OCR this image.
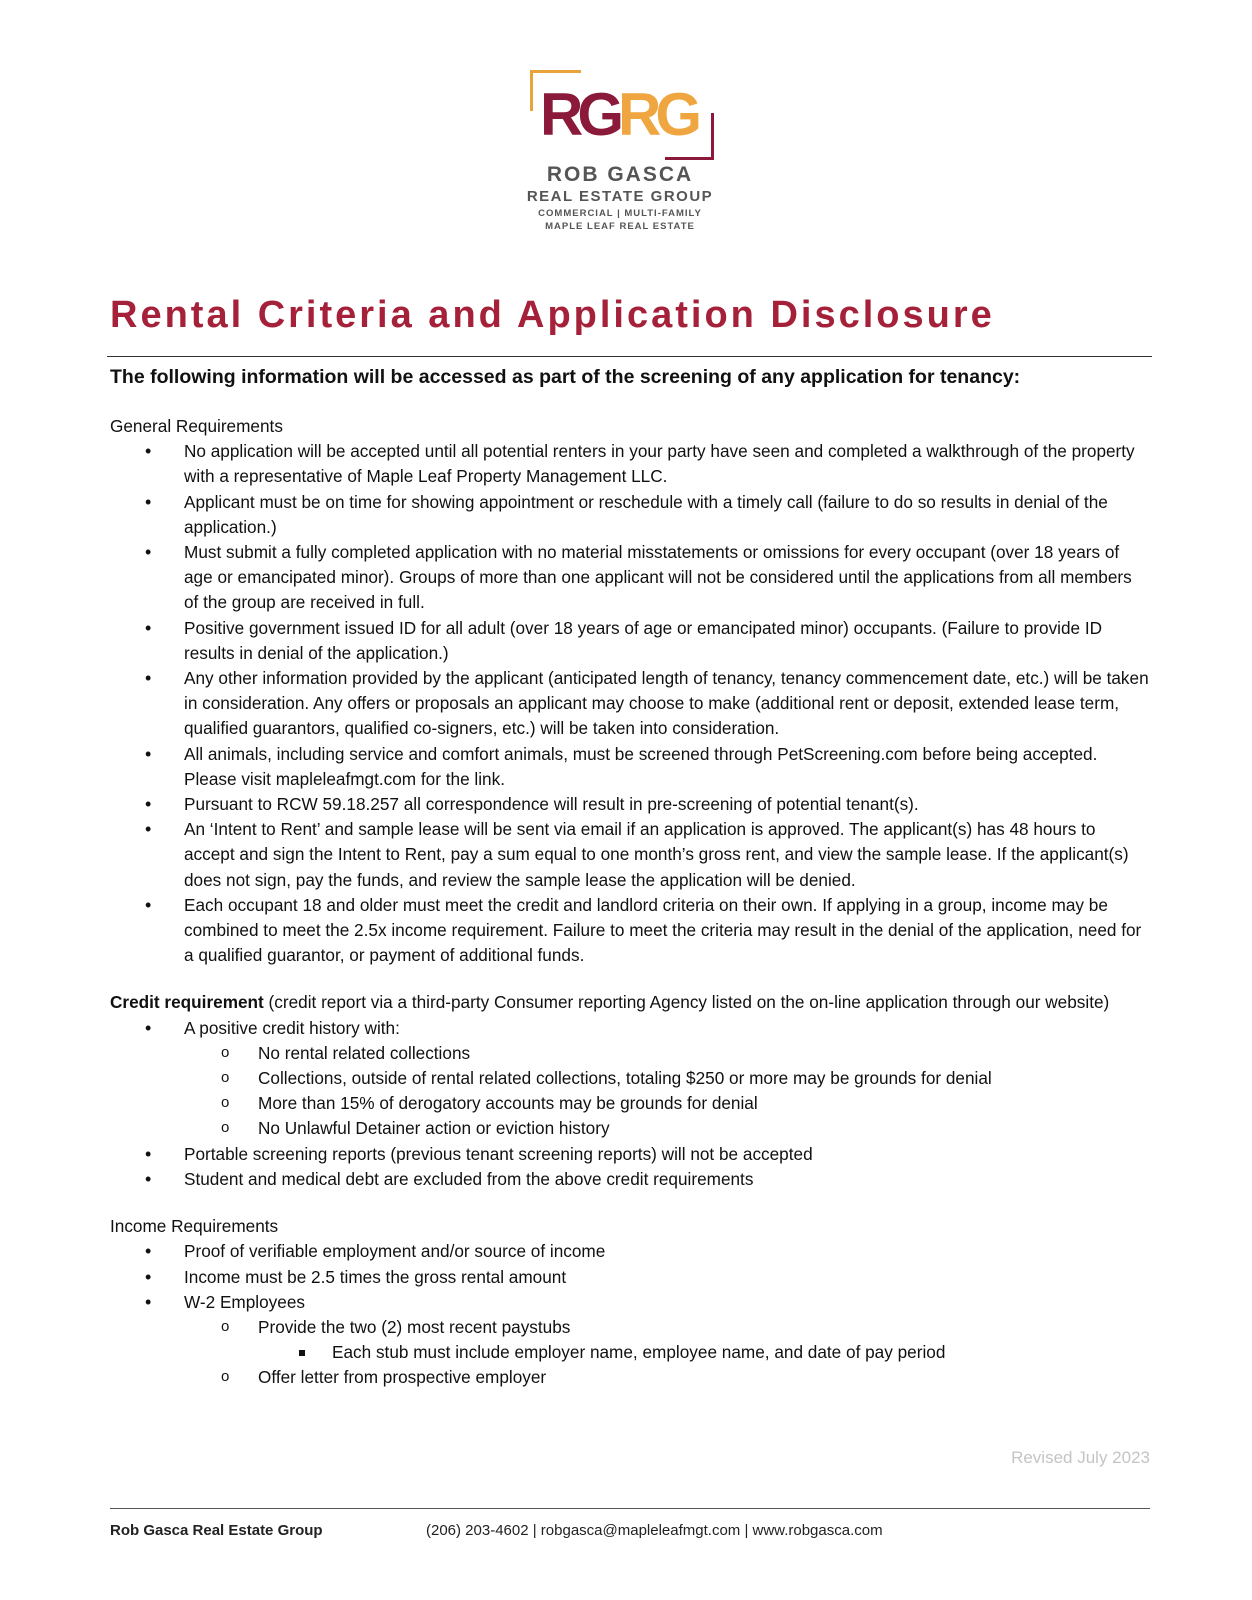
RGRG
ROB GASCA
REAL ESTATE GROUP
COMMERCIAL | MULTI-FAMILY
MAPLE LEAF REAL ESTATE
Rental Criteria and Application Disclosure

The following information will be accessed as part of the screening of any application for tenancy:

General Requirements

• No application will be accepted until all potential renters in your party have seen and completed a walkthrough of the property with a representative of Maple Leaf Property Management LLC.
• Applicant must be on time for showing appointment or reschedule with a timely call (failure to do so results in denial of the application.)
• Must submit a fully completed application with no material misstatements or omissions for every occupant (over 18 years of age or emancipated minor). Groups of more than one applicant will not be considered until the applications from all members of the group are received in full.
• Positive government issued ID for all adult (over 18 years of age or emancipated minor) occupants. (Failure to provide ID results in denial of the application.)
• Any other information provided by the applicant (anticipated length of tenancy, tenancy commencement date, etc.) will be taken in consideration. Any offers or proposals an applicant may choose to make (additional rent or deposit, extended lease term, qualified guarantors, qualified co-signers, etc.) will be taken into consideration.
• All animals, including service and comfort animals, must be screened through PetScreening.com before being accepted. Please visit mapleleafmgt.com for the link.
• Pursuant to RCW 59.18.257 all correspondence will result in pre-screening of potential tenant(s).
• An ‘Intent to Rent’ and sample lease will be sent via email if an application is approved. The applicant(s) has 48 hours to accept and sign the Intent to Rent, pay a sum equal to one month’s gross rent, and view the sample lease. If the applicant(s) does not sign, pay the funds, and review the sample lease the application will be denied.
• Each occupant 18 and older must meet the credit and landlord criteria on their own. If applying in a group, income may be combined to meet the 2.5x income requirement. Failure to meet the criteria may result in the denial of the application, need for a qualified guarantor, or payment of additional funds.

Credit requirement (credit report via a third-party Consumer reporting Agency listed on the on-line application through our website)

• A positive credit history with:
o No rental related collections
o Collections, outside of rental related collections, totaling $250 or more may be grounds for denial
o More than 15% of derogatory accounts may be grounds for denial
o No Unlawful Detainer action or eviction history
• Portable screening reports (previous tenant screening reports) will not be accepted
• Student and medical debt are excluded from the above credit requirements

Income Requirements

• Proof of verifiable employment and/or source of income
• Income must be 2.5 times the gross rental amount
• W-2 Employees
o Provide the two (2) most recent paystubs
Each stub must include employer name, employee name, and date of pay period
o Offer letter from prospective employer
Revised July 2023
Rob Gasca Real Estate Group	(206) 203-4602 | robgasca@mapleleafmgt.com | www.robgasca.com
